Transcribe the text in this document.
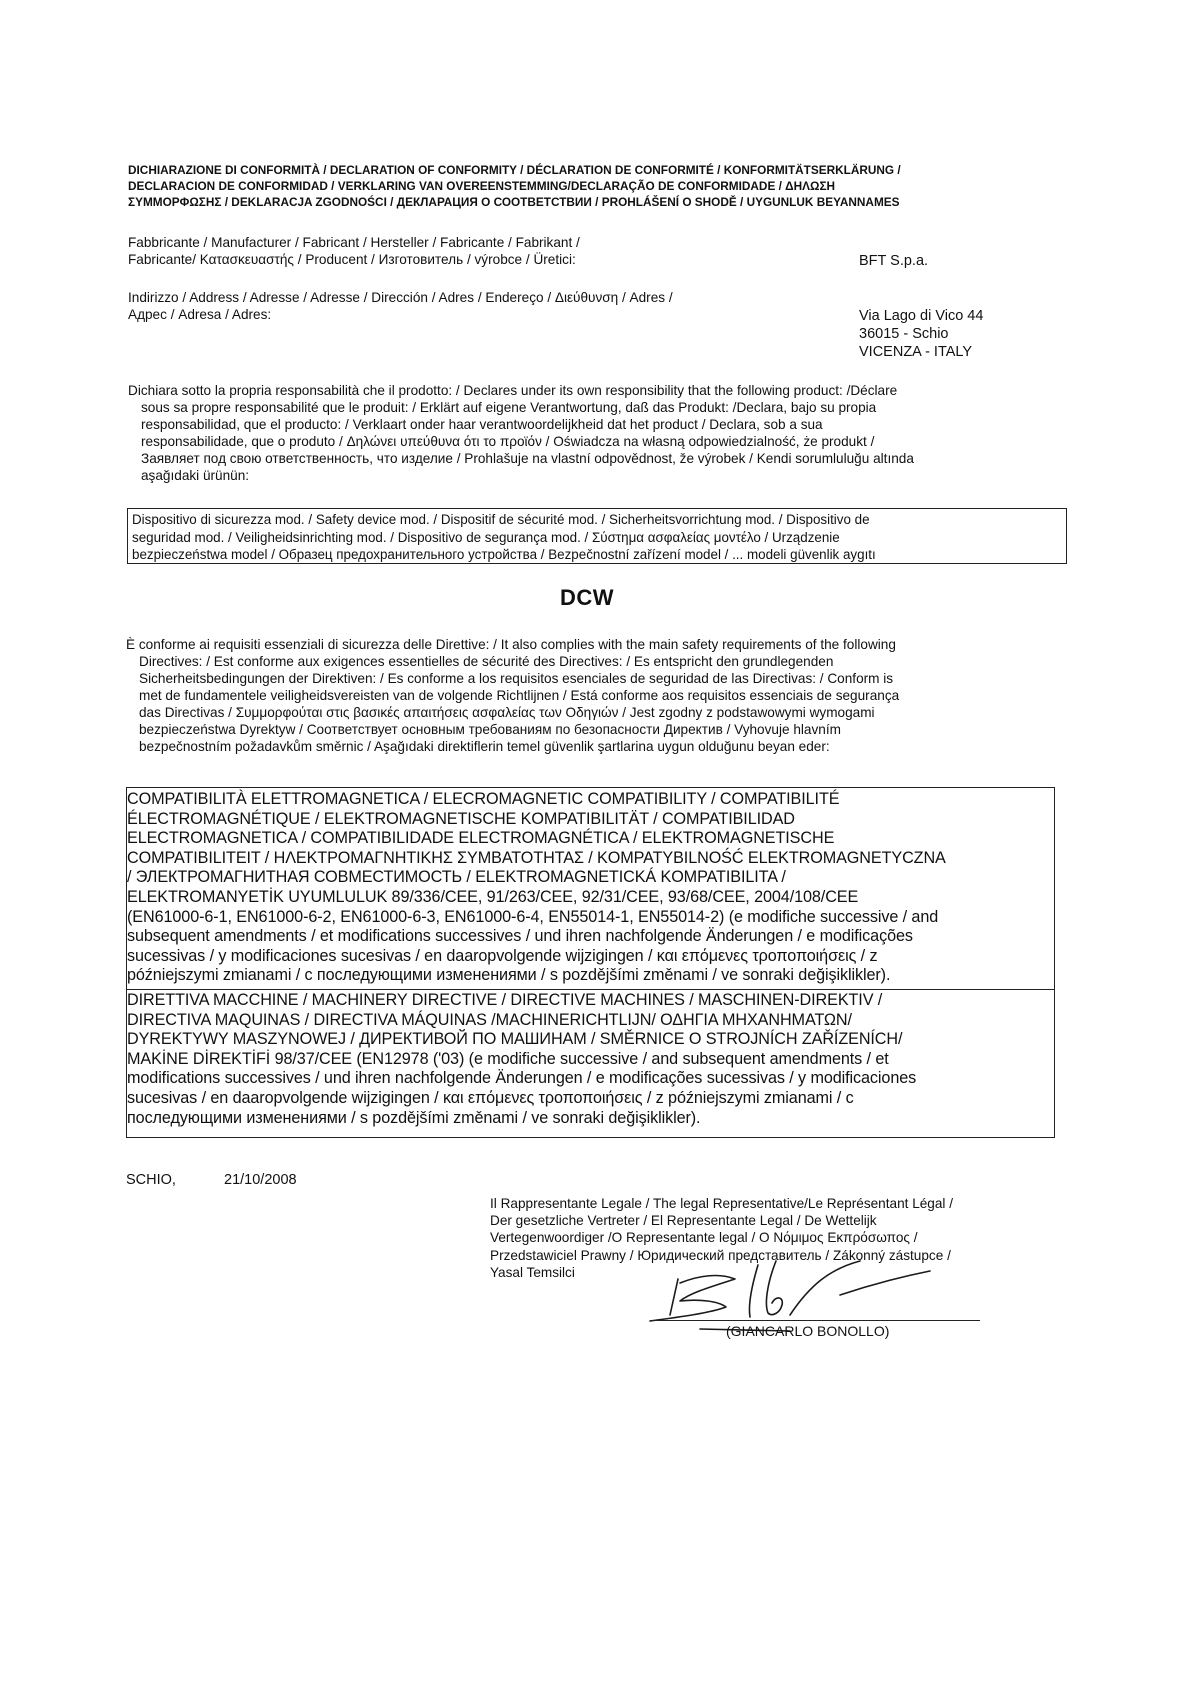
DICHIARAZIONE DI CONFORMITÀ / DECLARATION OF CONFORMITY / DÉCLARATION DE CONFORMITÉ / KONFORMITÄTSERKLÄRUNG /
DECLARACION DE CONFORMIDAD / VERKLARING VAN OVEREENSTEMMING/DECLARAÇÃO DE CONFORMIDADE / ΔΗΛΩΣΗ
ΣΥΜΜΟΡΦΩΣΗΣ / DEKLARACJA ZGODNOŚCI / ДЕКЛАРАЦИЯ О СООТВЕТСТВИИ / PROHLÁŠENÍ O SHODĚ / UYGUNLUK BEYANNAMES
Fabbricante / Manufacturer / Fabricant / Hersteller / Fabricante / Fabrikant /
Fabricante/ Κατασκευαστής / Producent / Изготовитель / výrobce / Üretici:	BFT S.p.a.
Indirizzo / Address / Adresse / Adresse / Dirección / Adres / Endereço / Διεύθυνση / Adres /
Адрес / Adresa / Adres:	Via Lago di Vico 44
36015 - Schio
VICENZA - ITALY
Dichiara sotto la propria responsabilità che il prodotto: / Declares under its own responsibility that the following product: /Déclare
sous sa propre responsabilité que le produit: / Erklärt auf eigene Verantwortung, daß das Produkt: /Declara, bajo su propia
responsabilidad, que el producto: / Verklaart onder haar verantwoordelijkheid dat het product / Declara, sob a sua
responsabilidade, que o produto / Δηλώνει υπεύθυνα ότι το προϊόν / Oświadcza na własną odpowiedzialność, że produkt /
Заявляет под свою ответственность, что изделие / Prohlašuje na vlastní odpovědnost, že výrobek / Kendi sorumluluğu altında
aşağıdaki ürünün:
Dispositivo di sicurezza mod. / Safety device mod. / Dispositif de sécurité mod. / Sicherheitsvorrichtung mod. / Dispositivo de
seguridad mod. / Veiligheidsinrichting mod. / Dispositivo de segurança mod. / Σύστημα ασφαλείας μοντέλο / Urządzenie
bezpieczeństwa model / Образец предохранительного устройства / Bezpečnostní zařízení model / ... modeli güvenlik aygıtı
DCW
È conforme ai requisiti essenziali di sicurezza delle Direttive: / It also complies with the main safety requirements of the following
Directives: / Est conforme aux exigences essentielles de sécurité des Directives: / Es entspricht den grundlegenden
Sicherheitsbedingungen der Direktiven: / Es conforme a los requisitos esenciales de seguridad de las Directivas: / Conform is
met de fundamentele veiligheidsvereisten van de volgende Richtlijnen / Está conforme aos requisitos essenciais de segurança
das Directivas / Συμμορφούται στις βασικές απαιτήσεις ασφαλείας των Οδηγιών / Jest zgodny z podstawowymi wymogami
bezpieczeństwa Dyrektyw / Соответствует основным требованиям по безопасности Директив / Vyhovuje hlavním
bezpečnostním požadavkům směrnic / Aşağıdaki direktiflerin temel güvenlik şartlarina uygun olduğunu beyan eder:
COMPATIBILITÀ ELETTROMAGNETICA / ELECROMAGNETIC COMPATIBILITY / COMPATIBILITÉ
ÉLECTROMAGNÉTIQUE / ELEKTROMAGNETISCHE KOMPATIBILITÄT / COMPATIBILIDAD
ELECTROMAGNETICA / COMPATIBILIDADE ELECTROMAGNÉTICA / ELEKTROMAGNETISCHE
COMPATIBILITEIT / ΗΛΕΚΤΡΟΜΑΓΝΗΤΙΚΗΣ ΣΥΜΒΑΤΟΤΗΤΑΣ / KOMPATYBILNOŚĆ ELEKTROMAGNETYCZNA
/ ЭЛЕКТРОМАГНИТНАЯ СОВМЕСТИМОСТЬ / ELEKTROMAGNETICKÁ KOMPATIBILITA /
ELEKTROMANYETİK UYUMLULUK 89/336/CEE, 91/263/CEE, 92/31/CEE, 93/68/CEE, 2004/108/CEE
(EN61000-6-1, EN61000-6-2, EN61000-6-3, EN61000-6-4, EN55014-1, EN55014-2) (e modifiche successive / and
subsequent amendments / et modifications successives / und ihren nachfolgende Änderungen / e modificações
sucessivas / y modificaciones sucesivas / en daaropvolgende wijzigingen / και επόμενες τροποποιήσεις / z
późniejszymi zmianami / с последующими изменениями / s pozdějšími změnami / ve sonraki değişiklikler).
DIRETTIVA MACCHINE / MACHINERY DIRECTIVE / DIRECTIVE MACHINES / MASCHINEN-DIREKTIV /
DIRECTIVA MAQUINAS / DIRECTIVA MÁQUINAS /MACHINERICHTLIJN/ ΟΔΗΓΙΑ ΜΗΧΑΝΗΜΑΤΩΝ/
DYREKTYWY MASZYNOWEJ / ДИРЕКТИВОЙ ПО МАШИНАМ / SMĚRNICE O STROJNÍCH ZAŘÍZENÍCH/
MAKİNE DİREKTİFİ 98/37/CEE (EN12978 ('03) (e modifiche successive / and subsequent amendments / et
modifications successives / und ihren nachfolgende Änderungen / e modificações sucessivas / y modificaciones
sucesivas / en daaropvolgende wijzigingen / και επόμενες τροποποιήσεις / z późniejszymi zmianami / с
последующими изменениями / s pozdějšími změnami / ve sonraki değişiklikler).
SCHIO,	21/10/2008
Il Rappresentante Legale / The legal Representative/Le Représentant Légal /
Der gesetzliche Vertreter / El Representante Legal / De Wettelijk
Vertegenwoordiger /O Representante legal / Ο Νόμιμος Εκπρόσωπος /
Przedstawiciel Prawny / Юридический представитель / Zákonný zástupce /
Yasal Temsilci
(GIANCARLO BONOLLO)
